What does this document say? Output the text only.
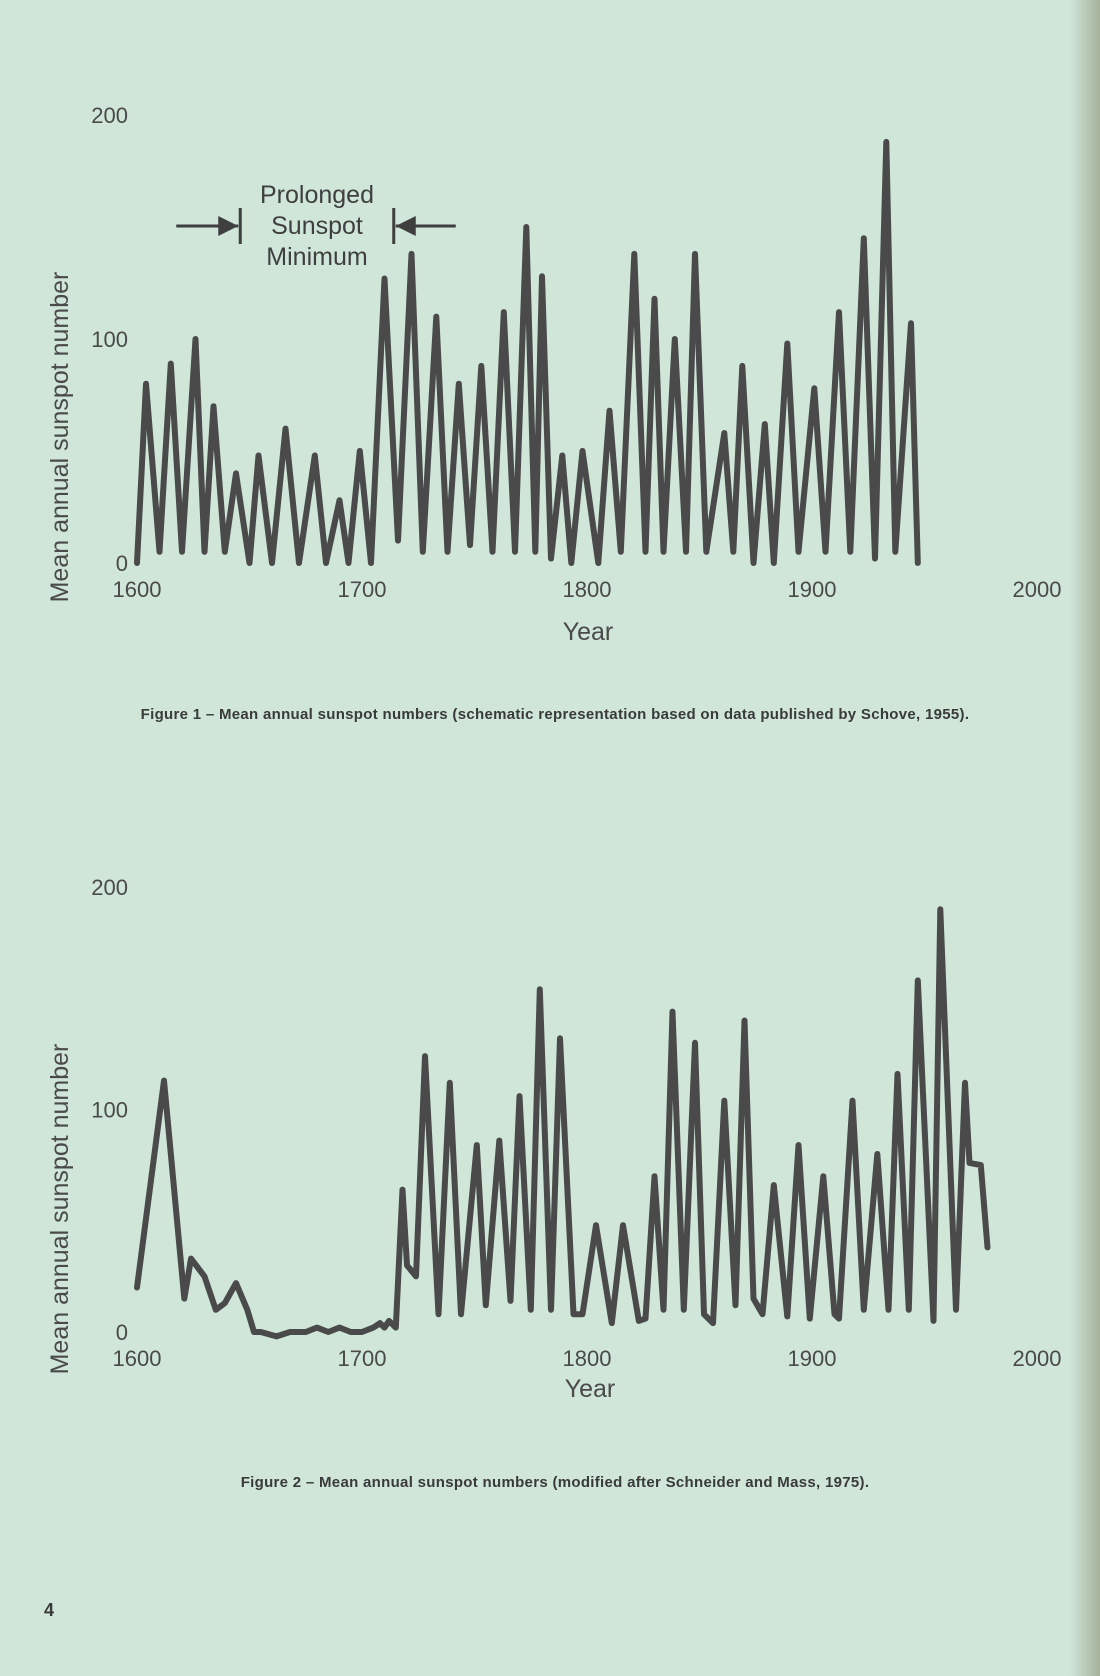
0
100
200
1600	1700	1800	1900	2000
Mean annual sunspot number
Year
Prolonged
Sunspot
Minimum
Figure 1 – Mean annual sunspot numbers (schematic representation based on data published by Schove, 1955).
0
100
200
1600	1700	1800	1900	2000
Mean annual sunspot number
Year
Figure 2 – Mean annual sunspot numbers (modified after Schneider and Mass, 1975).
4
